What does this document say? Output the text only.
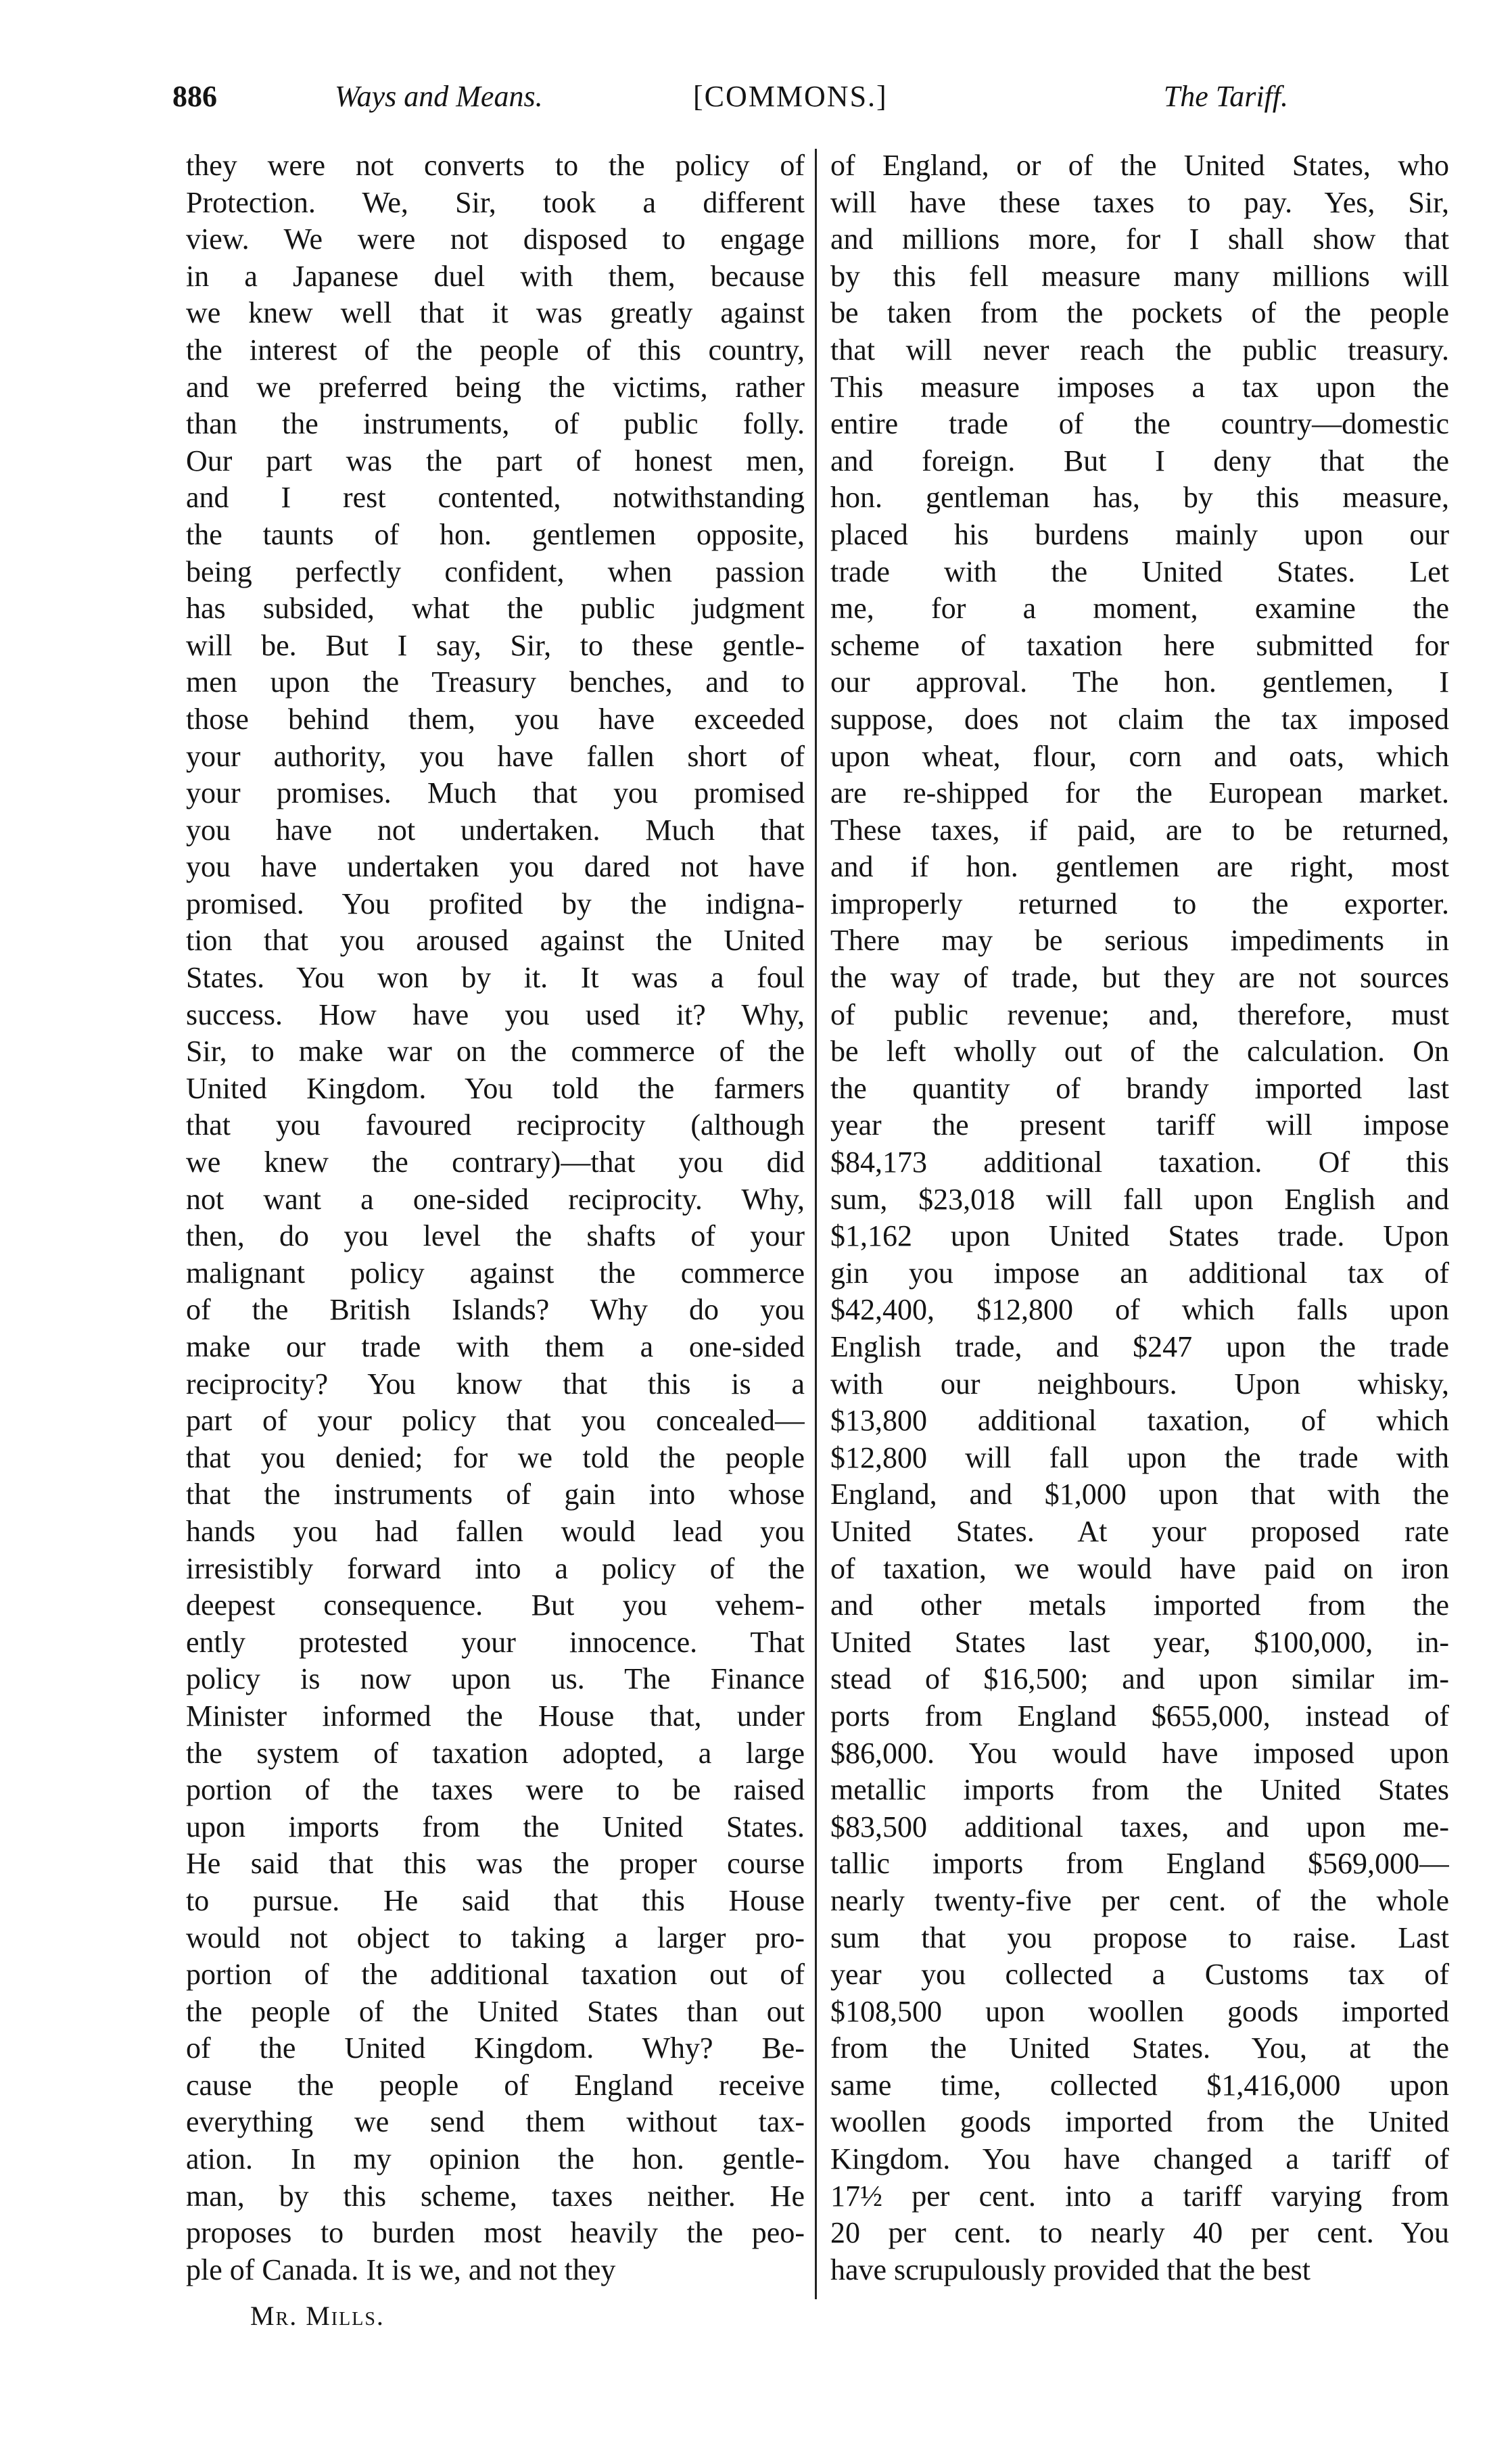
886	Ways and Means.	[COMMONS.]	The Tariff.
they were not converts to the policy of
Protection. We, Sir, took a different
view. We were not disposed to engage
in a Japanese duel with them, because
we knew well that it was greatly against
the interest of the people of this country,
and we preferred being the victims, rather
than the instruments, of public folly.
Our part was the part of honest men,
and I rest contented, notwithstanding
the taunts of hon. gentlemen opposite,
being perfectly confident, when passion
has subsided, what the public judgment
will be. But I say, Sir, to these gentle-
men upon the Treasury benches, and to
those behind them, you have exceeded
your authority, you have fallen short of
your promises. Much that you promised
you have not undertaken. Much that
you have undertaken you dared not have
promised. You profited by the indigna-
tion that you aroused against the United
States. You won by it. It was a foul
success. How have you used it? Why,
Sir, to make war on the commerce of the
United Kingdom. You told the farmers
that you favoured reciprocity (although
we knew the contrary)—that you did
not want a one-sided reciprocity. Why,
then, do you level the shafts of your
malignant policy against the commerce
of the British Islands? Why do you
make our trade with them a one-sided
reciprocity? You know that this is a
part of your policy that you concealed—
that you denied; for we told the people
that the instruments of gain into whose
hands you had fallen would lead you
irresistibly forward into a policy of the
deepest consequence. But you vehem-
ently protested your innocence. That
policy is now upon us. The Finance
Minister informed the House that, under
the system of taxation adopted, a large
portion of the taxes were to be raised
upon imports from the United States.
He said that this was the proper course
to pursue. He said that this House
would not object to taking a larger pro-
portion of the additional taxation out of
the people of the United States than out
of the United Kingdom. Why? Be-
cause the people of England receive
everything we send them without tax-
ation. In my opinion the hon. gentle-
man, by this scheme, taxes neither. He
proposes to burden most heavily the peo-
ple of Canada. It is we, and not they
of England, or of the United States, who
will have these taxes to pay. Yes, Sir,
and millions more, for I shall show that
by this fell measure many millions will
be taken from the pockets of the people
that will never reach the public treasury.
This measure imposes a tax upon the
entire trade of the country—domestic
and foreign. But I deny that the
hon. gentleman has, by this measure,
placed his burdens mainly upon our
trade with the United States. Let
me, for a moment, examine the
scheme of taxation here submitted for
our approval. The hon. gentlemen, I
suppose, does not claim the tax imposed
upon wheat, flour, corn and oats, which
are re-shipped for the European market.
These taxes, if paid, are to be returned,
and if hon. gentlemen are right, most
improperly returned to the exporter.
There may be serious impediments in
the way of trade, but they are not sources
of public revenue; and, therefore, must
be left wholly out of the calculation. On
the quantity of brandy imported last
year the present tariff will impose
$84,173 additional taxation. Of this
sum, $23,018 will fall upon English and
$1,162 upon United States trade. Upon
gin you impose an additional tax of
$42,400, $12,800 of which falls upon
English trade, and $247 upon the trade
with our neighbours. Upon whisky,
$13,800 additional taxation, of which
$12,800 will fall upon the trade with
England, and $1,000 upon that with the
United States. At your proposed rate
of taxation, we would have paid on iron
and other metals imported from the
United States last year, $100,000, in-
stead of $16,500; and upon similar im-
ports from England $655,000, instead of
$86,000. You would have imposed upon
metallic imports from the United States
$83,500 additional taxes, and upon me-
tallic imports from England $569,000—
nearly twenty-five per cent. of the whole
sum that you propose to raise. Last
year you collected a Customs tax of
$108,500 upon woollen goods imported
from the United States. You, at the
same time, collected $1,416,000 upon
woollen goods imported from the United
Kingdom. You have changed a tariff of
17½ per cent. into a tariff varying from
20 per cent. to nearly 40 per cent. You
have scrupulously provided that the best
Mr. Mills.
